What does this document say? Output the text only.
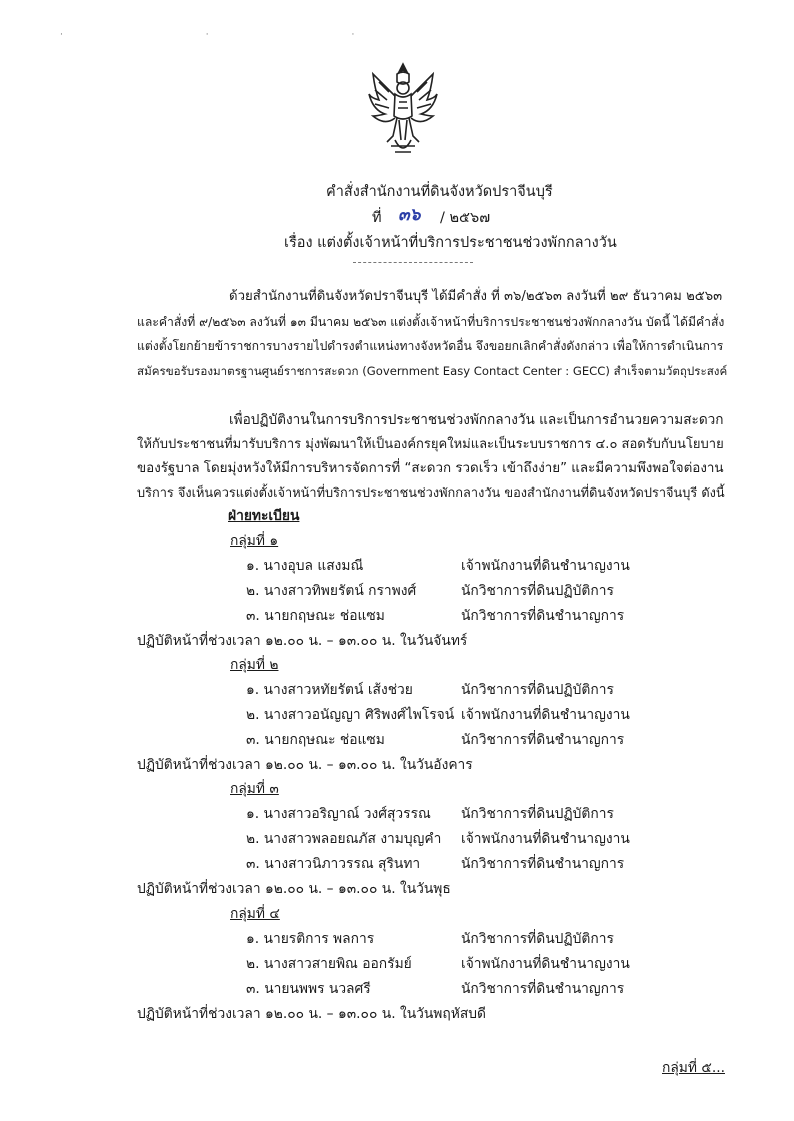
· · ·
คำสั่งสำนักงานที่ดินจังหวัดปราจีนบุรี
ที่ ๓๖ / ๒๕๖๗
เรื่อง แต่งตั้งเจ้าหน้าที่บริการประชาชนช่วงพักกลางวัน
ด้วยสำนักงานที่ดินจังหวัดปราจีนบุรี ได้มีคำสั่ง ที่ ๓๖/๒๕๖๓ ลงวันที่ ๒๙ ธันวาคม ๒๕๖๓
และคำสั่งที่ ๙/๒๕๖๓ ลงวันที่ ๑๓ มีนาคม ๒๕๖๓ แต่งตั้งเจ้าหน้าที่บริการประชาชนช่วงพักกลางวัน บัดนี้ ได้มีคำสั่ง
แต่งตั้งโยกย้ายข้าราชการบางรายไปดำรงตำแหน่งทางจังหวัดอื่น จึงขอยกเลิกคำสั่งดังกล่าว เพื่อให้การดำเนินการ
สมัครขอรับรองมาตรฐานศูนย์ราชการสะดวก (Government Easy Contact Center : GECC) สำเร็จตามวัตถุประสงค์
เพื่อปฏิบัติงานในการบริการประชาชนช่วงพักกลางวัน และเป็นการอำนวยความสะดวก
ให้กับประชาชนที่มารับบริการ มุ่งพัฒนาให้เป็นองค์กรยุคใหม่และเป็นระบบราชการ ๔.๐ สอดรับกับนโยบาย
ของรัฐบาล โดยมุ่งหวังให้มีการบริหารจัดการที่ “สะดวก รวดเร็ว เข้าถึงง่าย” และมีความพึงพอใจต่องาน
บริการ จึงเห็นควรแต่งตั้งเจ้าหน้าที่บริการประชาชนช่วงพักกลางวัน ของสำนักงานที่ดินจังหวัดปราจีนบุรี ดังนี้
ฝ่ายทะเบียน
กลุ่มที่ ๑
๑. นางอุบล แสงมณี	เจ้าพนักงานที่ดินชำนาญงาน
๒. นางสาวทิพยรัตน์ กราพงศ์	นักวิชาการที่ดินปฏิบัติการ
๓. นายกฤษณะ ช่อแซม	นักวิชาการที่ดินชำนาญการ
ปฏิบัติหน้าที่ช่วงเวลา ๑๒.๐๐ น. – ๑๓.๐๐ น. ในวันจันทร์
กลุ่มที่ ๒
๑. นางสาวหทัยรัตน์ เส้งช่วย	นักวิชาการที่ดินปฏิบัติการ
๒. นางสาวอนัญญา ศิริพงศ์ไพโรจน์ เจ้าพนักงานที่ดินชำนาญงาน
๓. นายกฤษณะ ช่อแซม	นักวิชาการที่ดินชำนาญการ
ปฏิบัติหน้าที่ช่วงเวลา ๑๒.๐๐ น. – ๑๓.๐๐ น. ในวันอังคาร
กลุ่มที่ ๓
๑. นางสาวอริญาณ์ วงศ์สุวรรณ นักวิชาการที่ดินปฏิบัติการ
๒. นางสาวพลอยณภัส งามบุญคำ เจ้าพนักงานที่ดินชำนาญงาน
๓. นางสาวนิภาวรรณ สุรินทา	นักวิชาการที่ดินชำนาญการ
ปฏิบัติหน้าที่ช่วงเวลา ๑๒.๐๐ น. – ๑๓.๐๐ น. ในวันพุธ
กลุ่มที่ ๔
๑. นายรติการ พลการ	นักวิชาการที่ดินปฏิบัติการ
๒. นางสาวสายพิณ ออกรัมย์	เจ้าพนักงานที่ดินชำนาญงาน
๓. นายนพพร นวลศรี	นักวิชาการที่ดินชำนาญการ
ปฏิบัติหน้าที่ช่วงเวลา ๑๒.๐๐ น. – ๑๓.๐๐ น. ในวันพฤหัสบดี
กลุ่มที่ ๕...
